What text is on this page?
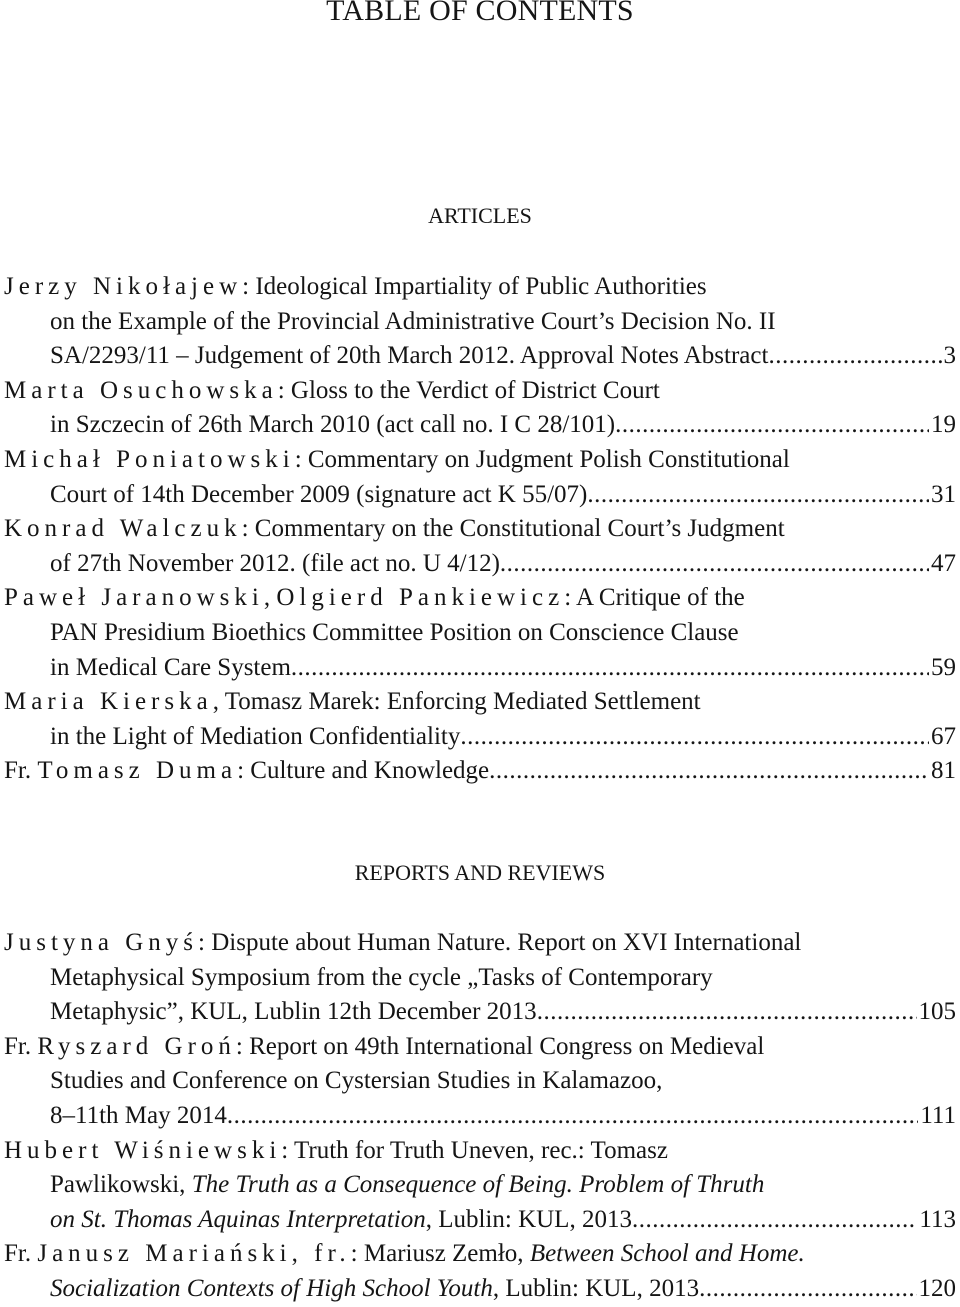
TABLE OF CONTENTS
ARTICLES
Jerzy Nikołajew: Ideological Impartiality of Public Authorities
on the Example of the Provincial Administrative Court’s Decision No. II
SA/2293/11 – Judgement of 20th March 2012. Approval Notes Abstract .....	3
Marta Osuchowska: Gloss to the Verdict of District Court
in Szczecin of 26th March 2010 (act call no. I C 28/101) .....	19
Michał Poniatowski: Commentary on Judgment Polish Constitutional
Court of 14th December 2009 (signature act K 55/07) .....	31
Konrad Walczuk: Commentary on the Constitutional Court’s Judgment
of 27th November 2012. (file act no. U 4/12) .....	47
Paweł Jaranowski, Olgierd Pankiewicz: A Critique of the
PAN Presidium Bioethics Committee Position on Conscience Clause
in Medical Care System .....	59
Maria Kierska, Tomasz Marek: Enforcing Mediated Settlement
in the Light of Mediation Confidentiality .....	67
Fr. Tomasz Duma: Culture and Knowledge .....	81
REPORTS AND REVIEWS
Justyna Gnyś: Dispute about Human Nature. Report on XVI International
Metaphysical Symposium from the cycle „Tasks of Contemporary
Metaphysic”, KUL, Lublin 12th December 2013 .....	105
Fr. Ryszard Groń: Report on 49th International Congress on Medieval
Studies and Conference on Cystersian Studies in Kalamazoo,
8–11th May 2014 .....	111
Hubert Wiśniewski: Truth for Truth Uneven, rec.: Tomasz
Pawlikowski, The Truth as a Consequence of Being. Problem of Thruth
on St. Thomas Aquinas Interpretation, Lublin: KUL, 2013 .....	113
Fr. Janusz Mariański, fr.: Mariusz Zemło, Between School and Home.
Socialization Contexts of High School Youth, Lublin: KUL, 2013 .....	120
